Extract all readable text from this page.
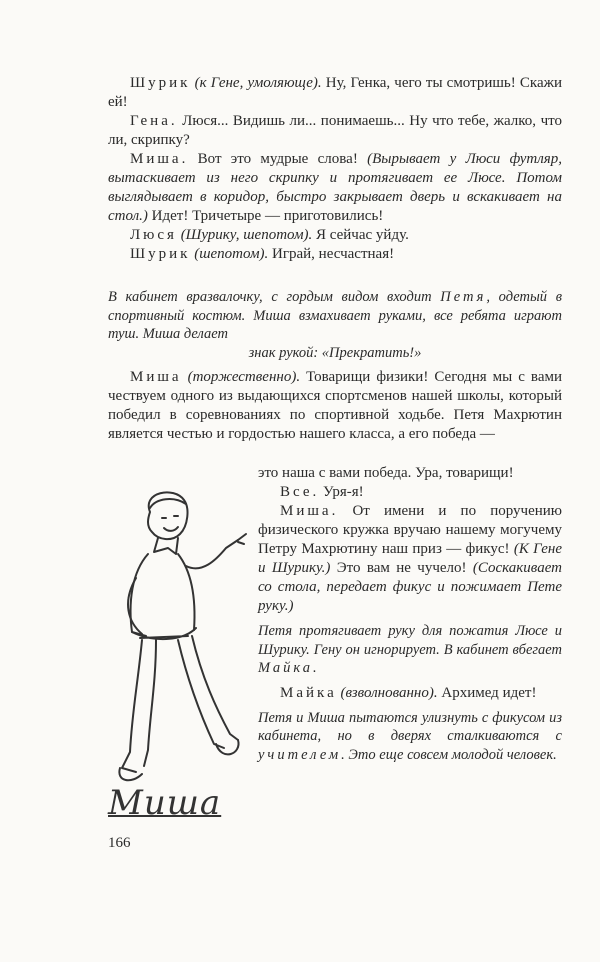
Шурик (к Гене, умоляюще). Ну, Генка, чего ты смотришь! Скажи ей!

Гена. Люся... Видишь ли... понимаешь... Ну что тебе, жалко, что ли, скрипку?

Миша. Вот это мудрые слова! (Вырывает у Люси футляр, вытаскивает из него скрипку и протягивает ее Люсе. Потом выглядывает в коридор, быстро закрывает дверь и вскакивает на стол.) Идет! Тричетыре — приготовились!

Люся (Шурику, шепотом). Я сейчас уйду.

Шурик (шепотом). Играй, несчастная!

В кабинет вразвалочку, с гордым видом входит Петя, одетый в спортивный костюм. Миша взмахивает руками, все ребята играют туш. Миша делает
знак рукой: «Прекратить!»

Миша (торжественно). Товарищи физики! Сегодня мы с вами чествуем одного из выдающихся спортсменов нашей школы, который победил в соревнованиях по спортивной ходьбе. Петя Махрютин является честью и гордостью нашего класса, а его победа —

это наша с вами победа. Ура, товарищи!

Все. Уря-я!

Миша. От имени и по поручению физического кружка вручаю нашему могучему Петру Махрютину наш приз — фикус! (К Гене и Шурику.) Это вам не чучело! (Соскакивает со стола, передает фикус и пожимает Пете руку.)

Петя протягивает руку для пожатия Люсе и Шурику. Гену он игнорирует. В кабинет вбегает Майка.

Майка (взволнованно). Архимед идет!

Петя и Миша пытаются улизнуть с фикусом из кабинета, но в дверях сталкиваются с учителем. Это еще совсем молодой человек.

Миша
166
